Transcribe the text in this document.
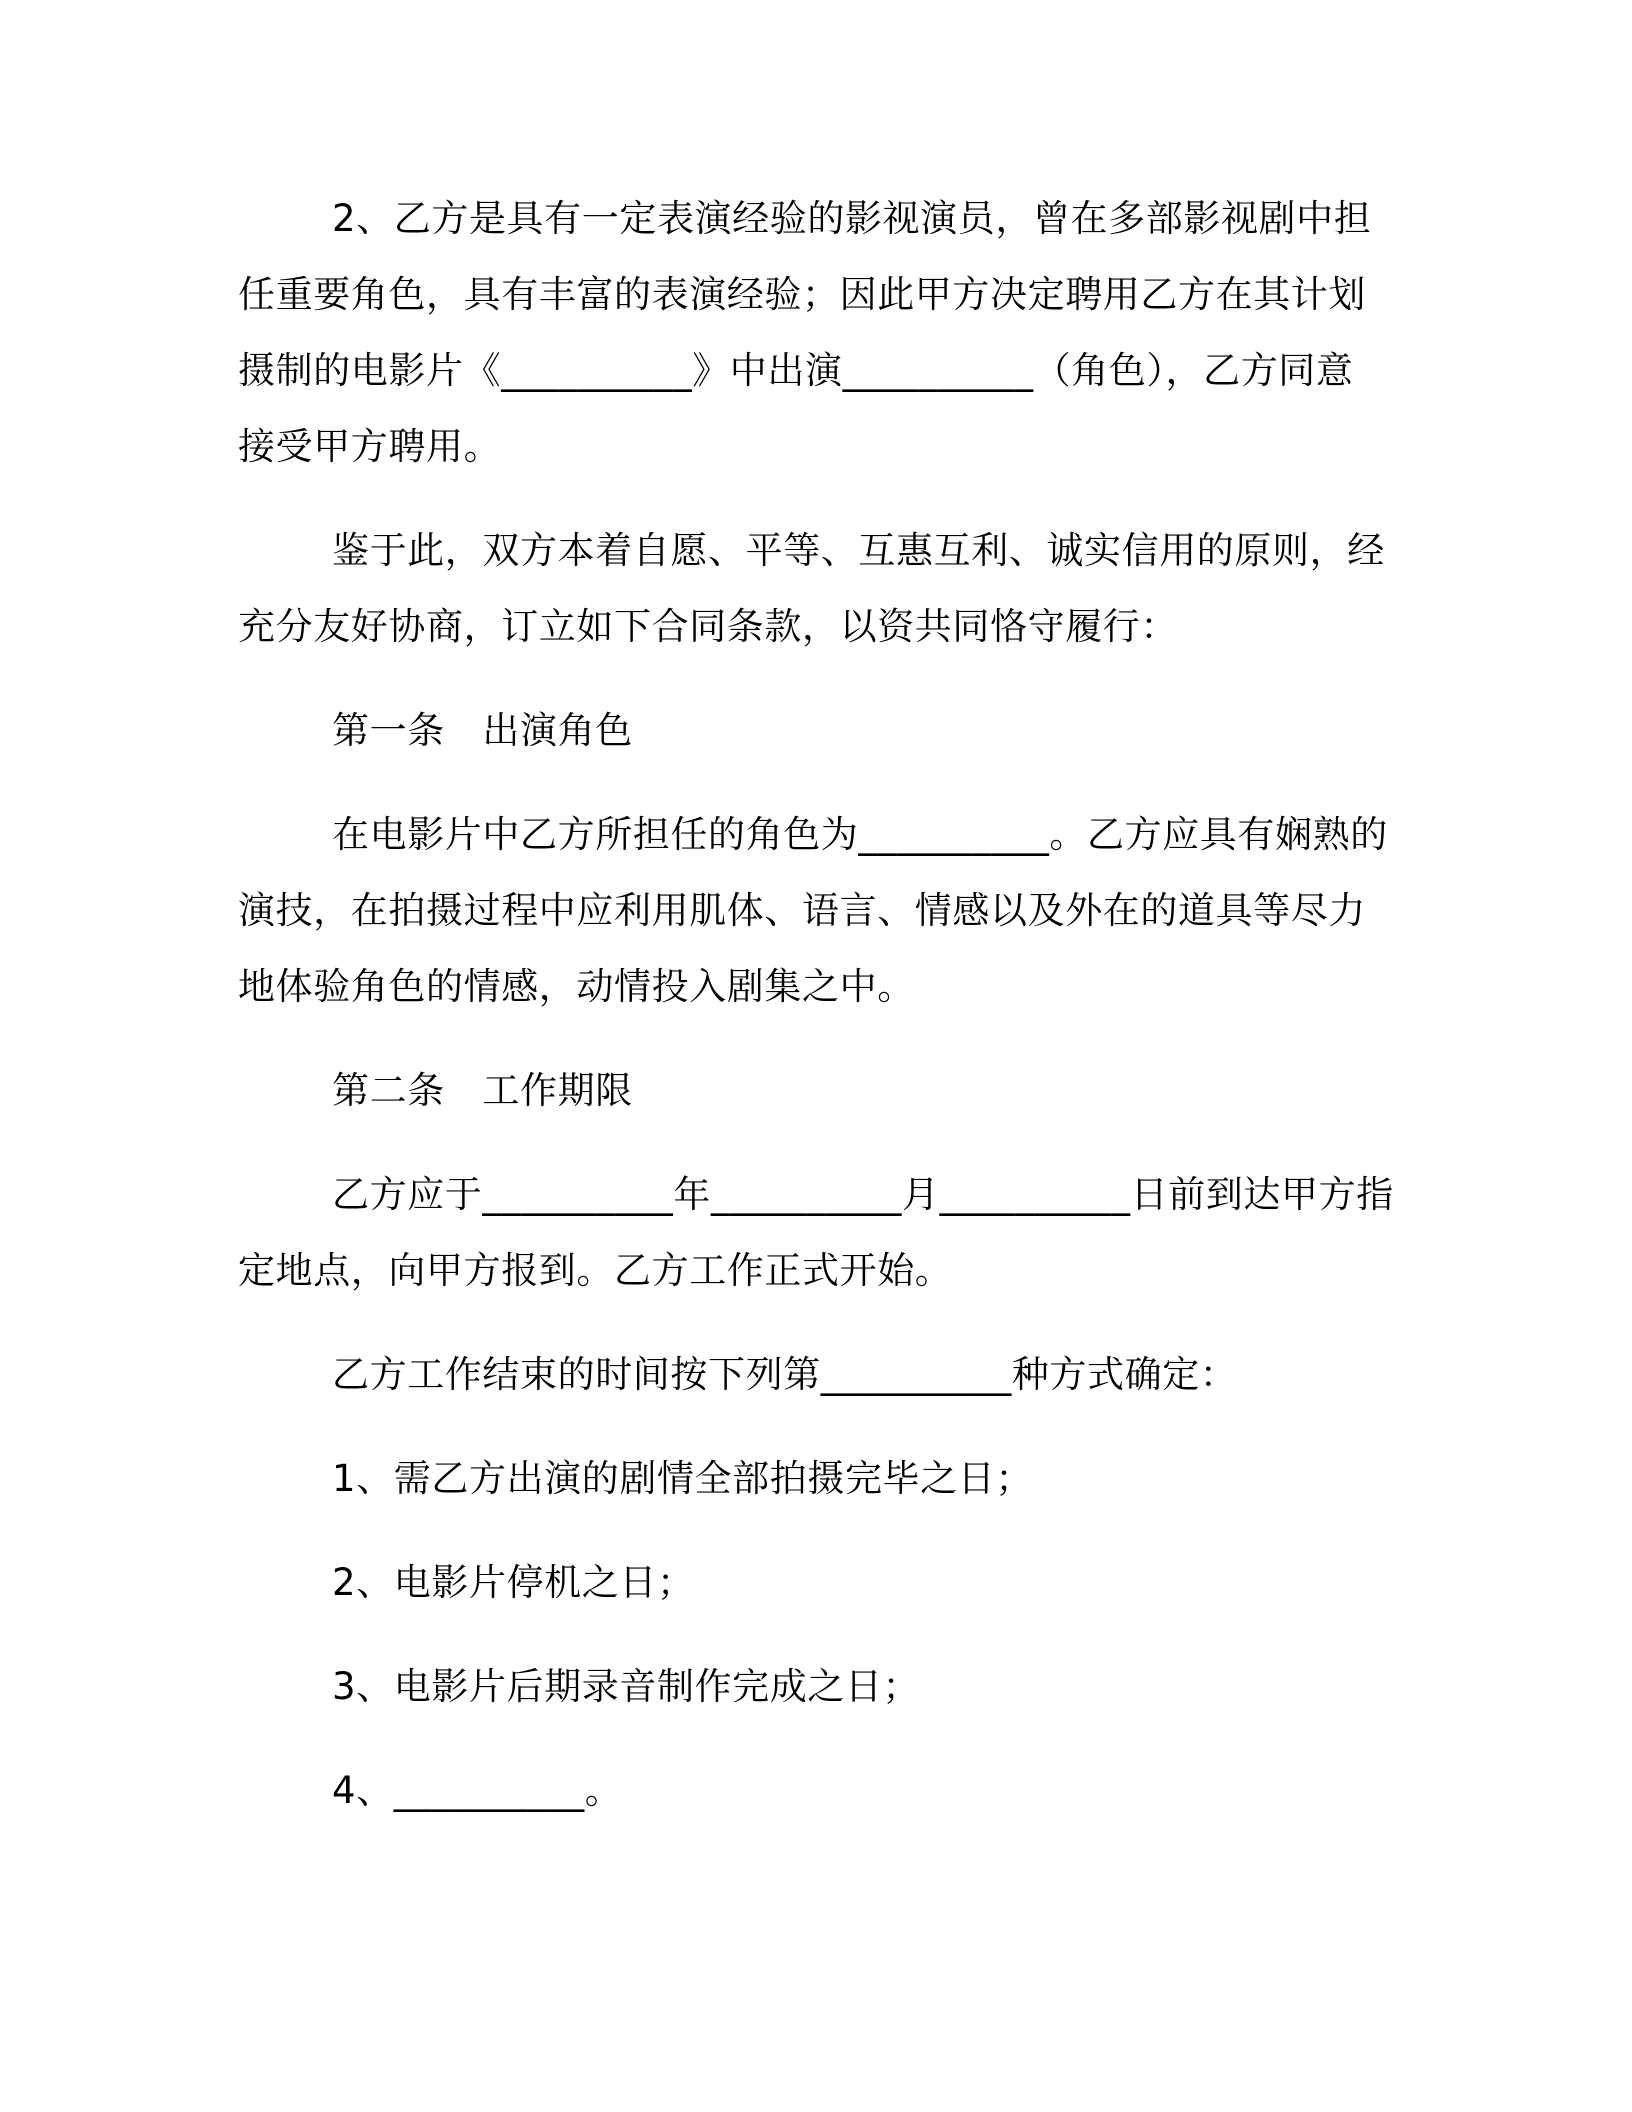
2、乙方是具有一定表演经验的影视演员，曾在多部影视剧中担

任重要角色，具有丰富的表演经验；因此甲方决定聘用乙方在其计划

摄制的电影片《__________》中出演__________（角色），乙方同意

接受甲方聘用。

鉴于此，双方本着自愿、平等、互惠互利、诚实信用的原则，经

充分友好协商，订立如下合同条款，以资共同恪守履行：

第一条　出演角色

在电影片中乙方所担任的角色为__________。乙方应具有娴熟的

演技，在拍摄过程中应利用肌体、语言、情感以及外在的道具等尽力

地体验角色的情感，动情投入剧集之中。

第二条　工作期限

乙方应于__________年__________月__________日前到达甲方指

定地点，向甲方报到。乙方工作正式开始。

乙方工作结束的时间按下列第__________种方式确定：

1、需乙方出演的剧情全部拍摄完毕之日；

2、电影片停机之日；

3、电影片后期录音制作完成之日；

4、__________。
